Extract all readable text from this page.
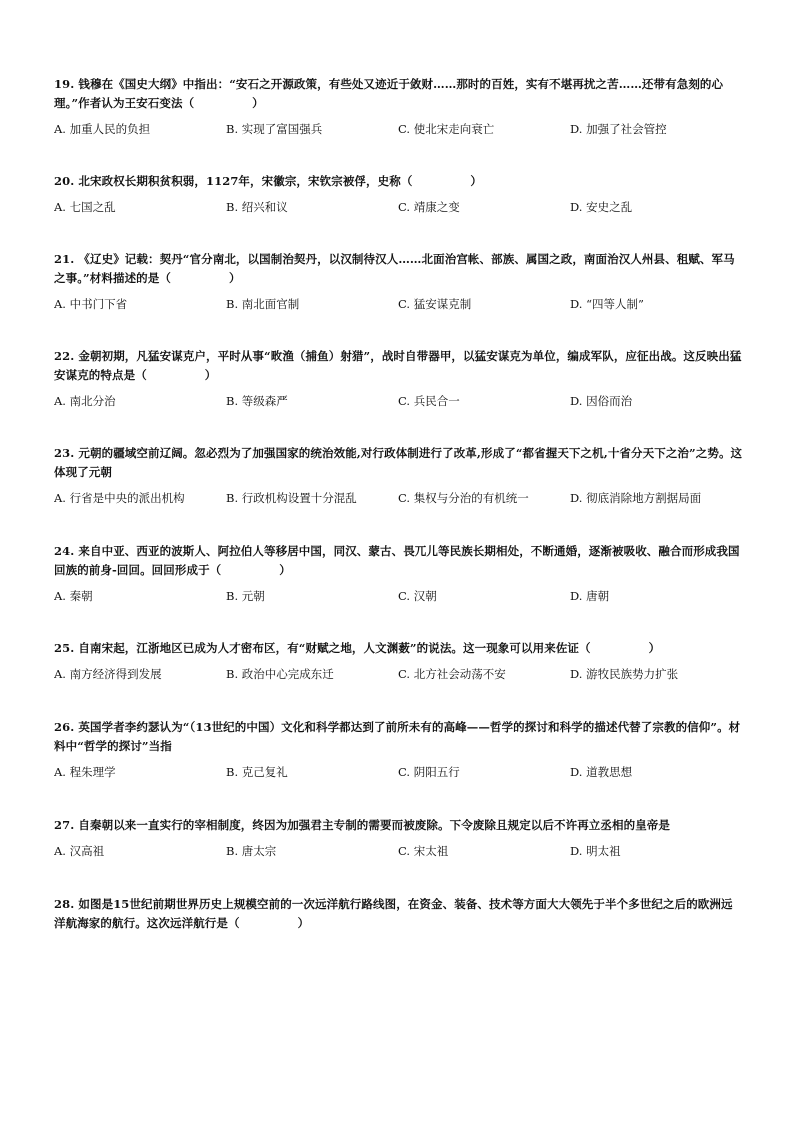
19. 钱穆在《国史大纲》中指出：“安石之开源政策，有些处又迹近于敛财……那时的百姓，实有不堪再扰之苦……还带有急刻的心理。”作者认为王安石变法（　　　　　）

A. 加重人民的负担	B. 实现了富国强兵	C. 使北宋走向衰亡	D. 加强了社会管控

20. 北宋政权长期积贫积弱，1127年，宋徽宗，宋钦宗被俘，史称（　　　　　）

A. 七国之乱	B. 绍兴和议	C. 靖康之变	D. 安史之乱

21. 《辽史》记载：契丹“官分南北，以国制治契丹，以汉制待汉人……北面治宫帐、部族、属国之政，南面治汉人州县、租赋、军马之事。”材料描述的是（　　　　　）

A. 中书门下省	B. 南北面官制	C. 猛安谋克制	D. “四等人制”

22. 金朝初期，凡猛安谋克户，平时从事“畋渔（捕鱼）射猎”，战时自带器甲，以猛安谋克为单位，编成军队，应征出战。这反映出猛安谋克的特点是（　　　　　）

A. 南北分治	B. 等级森严	C. 兵民合一	D. 因俗而治

23. 元朝的疆域空前辽阔。忽必烈为了加强国家的统治效能,对行政体制进行了改革,形成了“都省握天下之机,十省分天下之治”之势。这体现了元朝

A. 行省是中央的派出机构	B. 行政机构设置十分混乱	C. 集权与分治的有机统一	D. 彻底消除地方割据局面

24. 来自中亚、西亚的波斯人、阿拉伯人等移居中国，同汉、蒙古、畏兀儿等民族长期相处，不断通婚，逐渐被吸收、融合而形成我国回族的前身-回回。回回形成于（　　　　　）

A. 秦朝	B. 元朝	C. 汉朝	D. 唐朝

25. 自南宋起，江浙地区已成为人才密布区，有“财赋之地，人文渊薮”的说法。这一现象可以用来佐证（　　　　　）

A. 南方经济得到发展	B. 政治中心完成东迁	C. 北方社会动荡不安	D. 游牧民族势力扩张

26. 英国学者李约瑟认为“（13世纪的中国）文化和科学都达到了前所未有的高峰——哲学的探讨和科学的描述代替了宗教的信仰”。材料中“哲学的探讨”当指

A. 程朱理学	B. 克己复礼	C. 阴阳五行	D. 道教思想

27. 自秦朝以来一直实行的宰相制度，终因为加强君主专制的需要而被废除。下令废除且规定以后不许再立丞相的皇帝是

A. 汉高祖	B. 唐太宗	C. 宋太祖	D. 明太祖

28. 如图是15世纪前期世界历史上规模空前的一次远洋航行路线图，在资金、装备、技术等方面大大领先于半个多世纪之后的欧洲远洋航海家的航行。这次远洋航行是（　　　　　）
